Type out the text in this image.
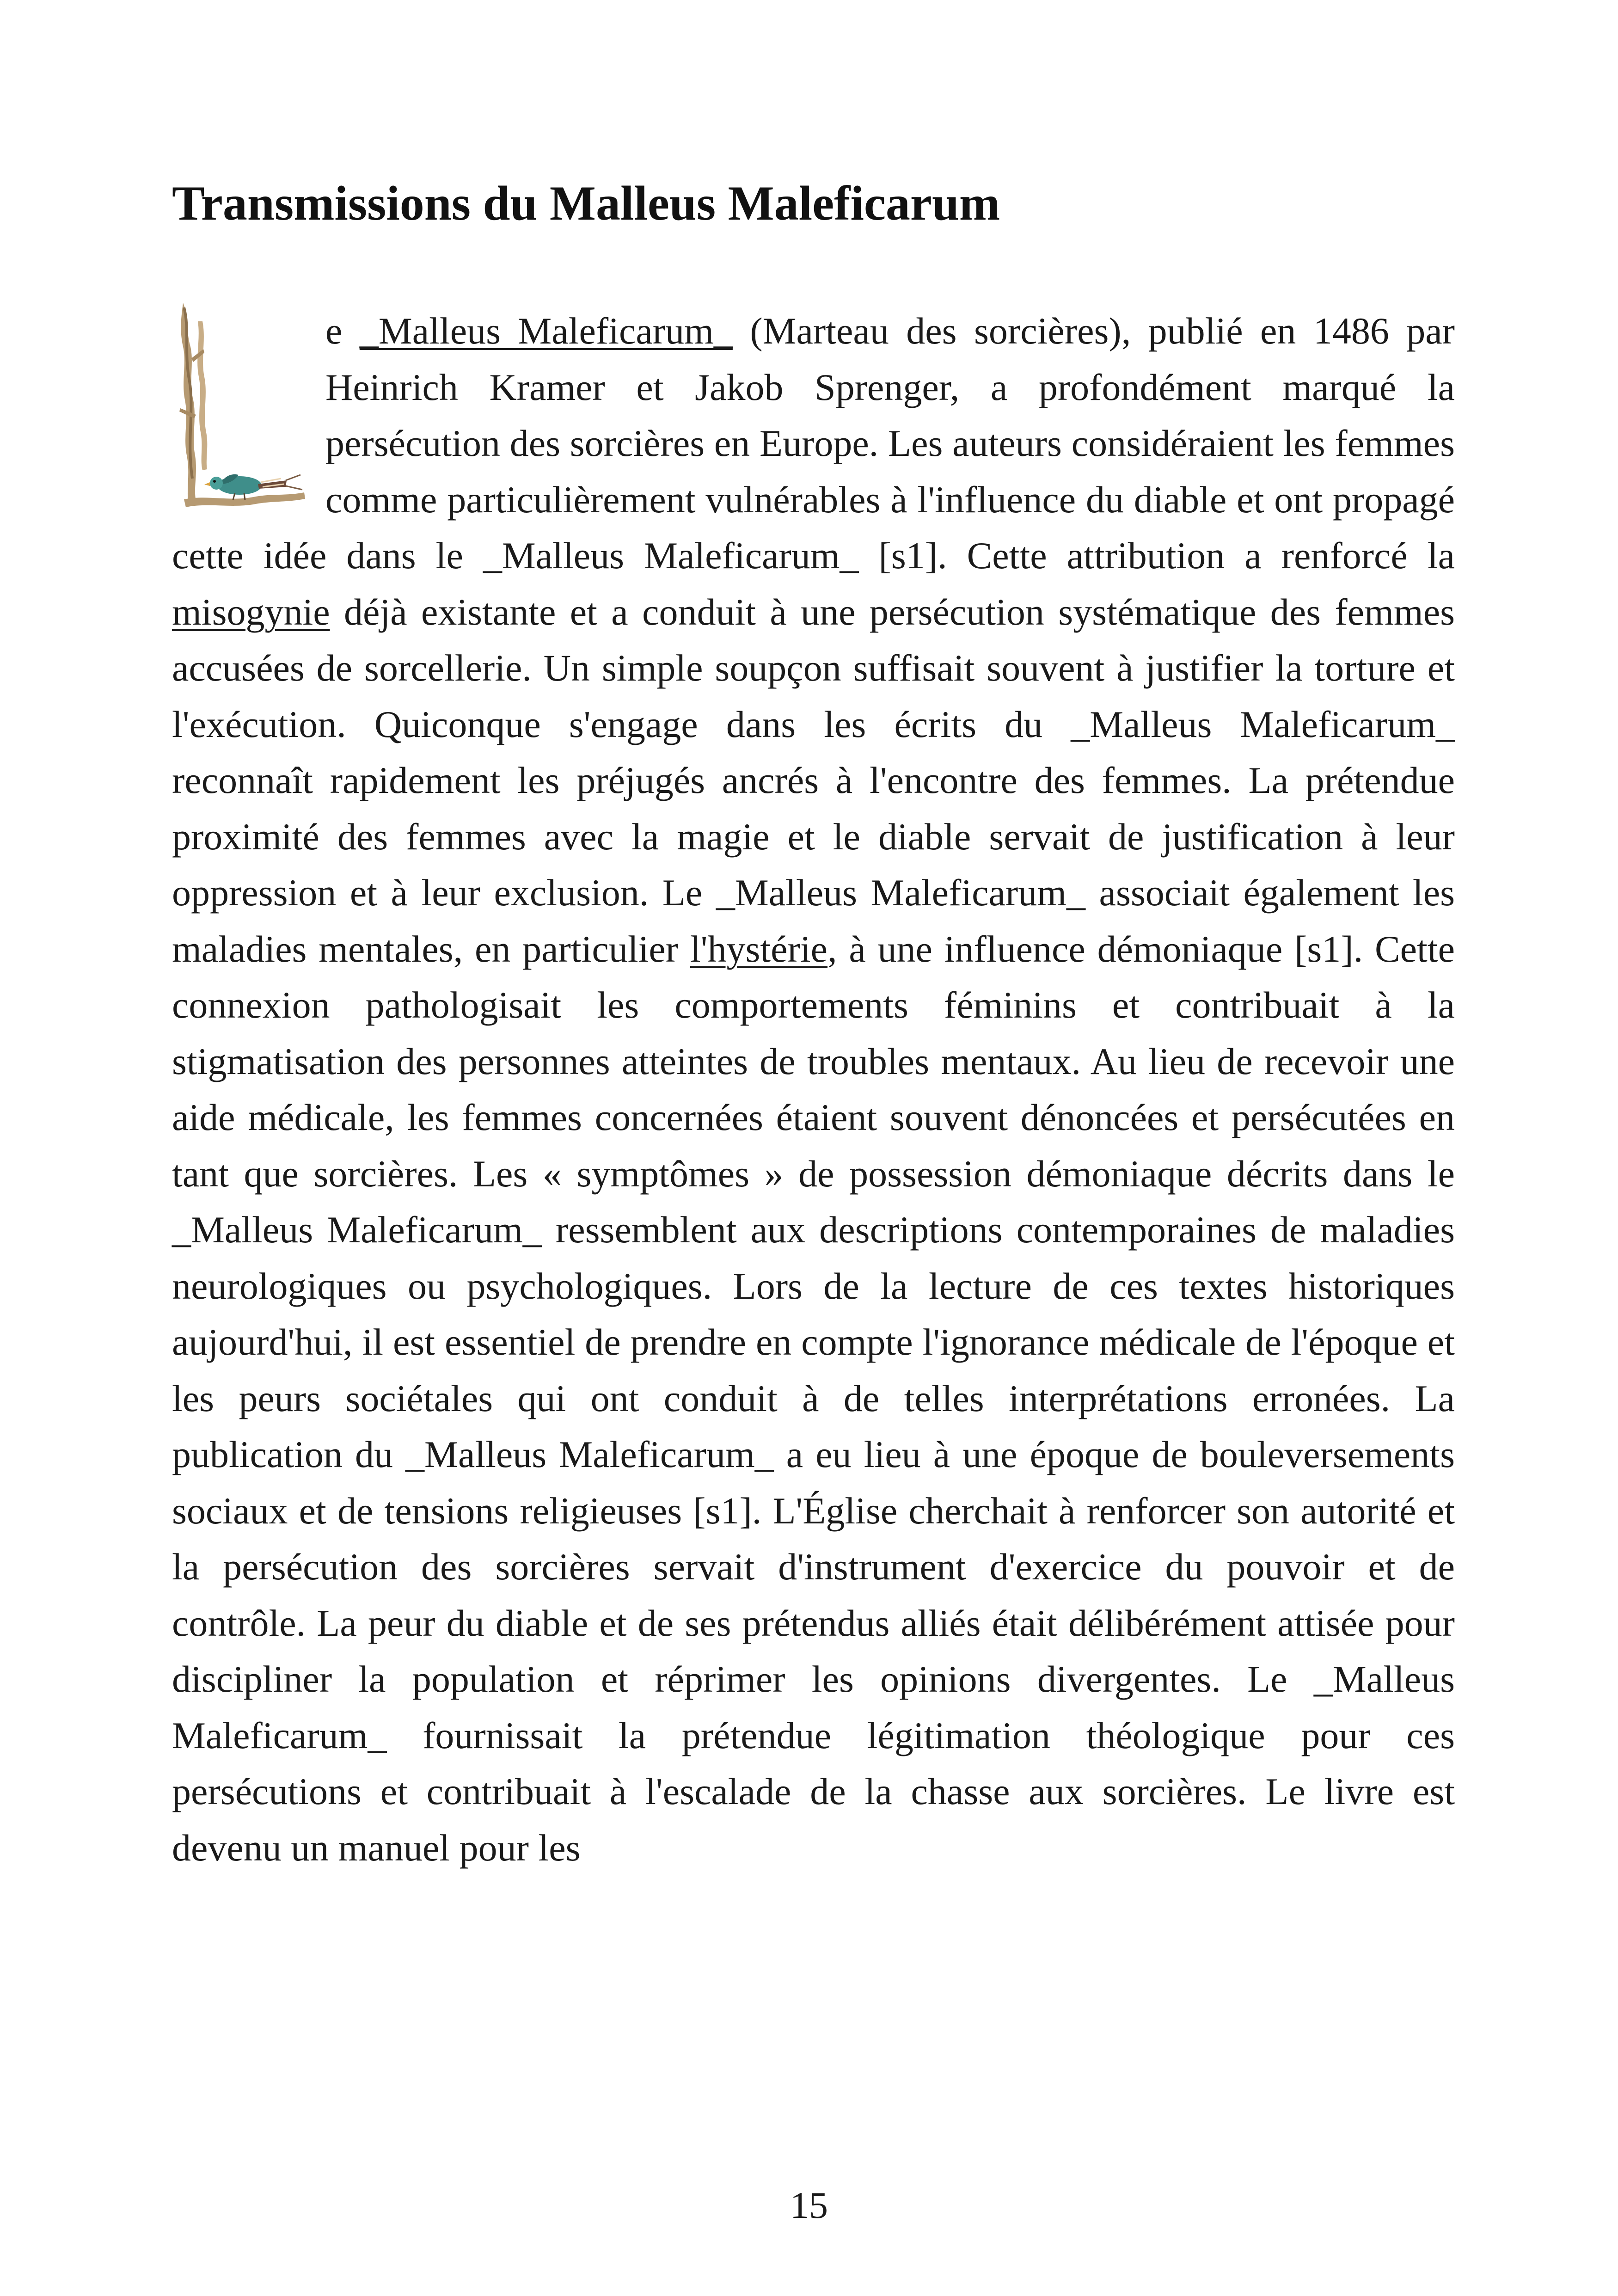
Transmissions du Malleus Maleficarum

e _Malleus Maleficarum_ (Marteau des sorcières), publié en 1486 par Heinrich Kramer et Jakob Sprenger, a profondément marqué la persécution des sorcières en Europe. Les auteurs considéraient les femmes comme particulièrement vulnérables à l'influence du diable et ont propagé cette idée dans le _Malleus Maleficarum_ [s1]. Cette attribution a renforcé la misogynie déjà existante et a conduit à une persécution systématique des femmes accusées de sorcellerie. Un simple soupçon suffisait souvent à justifier la torture et l'exécution. Quiconque s'engage dans les écrits du _Malleus Maleficarum_ reconnaît rapidement les préjugés ancrés à l'encontre des femmes. La prétendue proximité des femmes avec la magie et le diable servait de justification à leur oppression et à leur exclusion. Le _Malleus Maleficarum_ associait également les maladies mentales, en particulier l'hystérie, à une influence démoniaque [s1]. Cette connexion pathologisait les comportements féminins et contribuait à la stigmatisation des personnes atteintes de troubles mentaux. Au lieu de recevoir une aide médicale, les femmes concernées étaient souvent dénoncées et persécutées en tant que sorcières. Les « symptômes » de possession démoniaque décrits dans le _Malleus Maleficarum_ ressemblent aux descriptions contemporaines de maladies neurologiques ou psychologiques. Lors de la lecture de ces textes historiques aujourd'hui, il est essentiel de prendre en compte l'ignorance médicale de l'époque et les peurs sociétales qui ont conduit à de telles interprétations erronées. La publication du _Malleus Maleficarum_ a eu lieu à une époque de bouleversements sociaux et de tensions religieuses [s1]. L'Église cherchait à renforcer son autorité et la persécution des sorcières servait d'instrument d'exercice du pouvoir et de contrôle. La peur du diable et de ses prétendus alliés était délibérément attisée pour discipliner la population et réprimer les opinions divergentes. Le _Malleus Maleficarum_ fournissait la prétendue légitimation théologique pour ces persécutions et contribuait à l'escalade de la chasse aux sorcières. Le livre est devenu un manuel pour les

15
